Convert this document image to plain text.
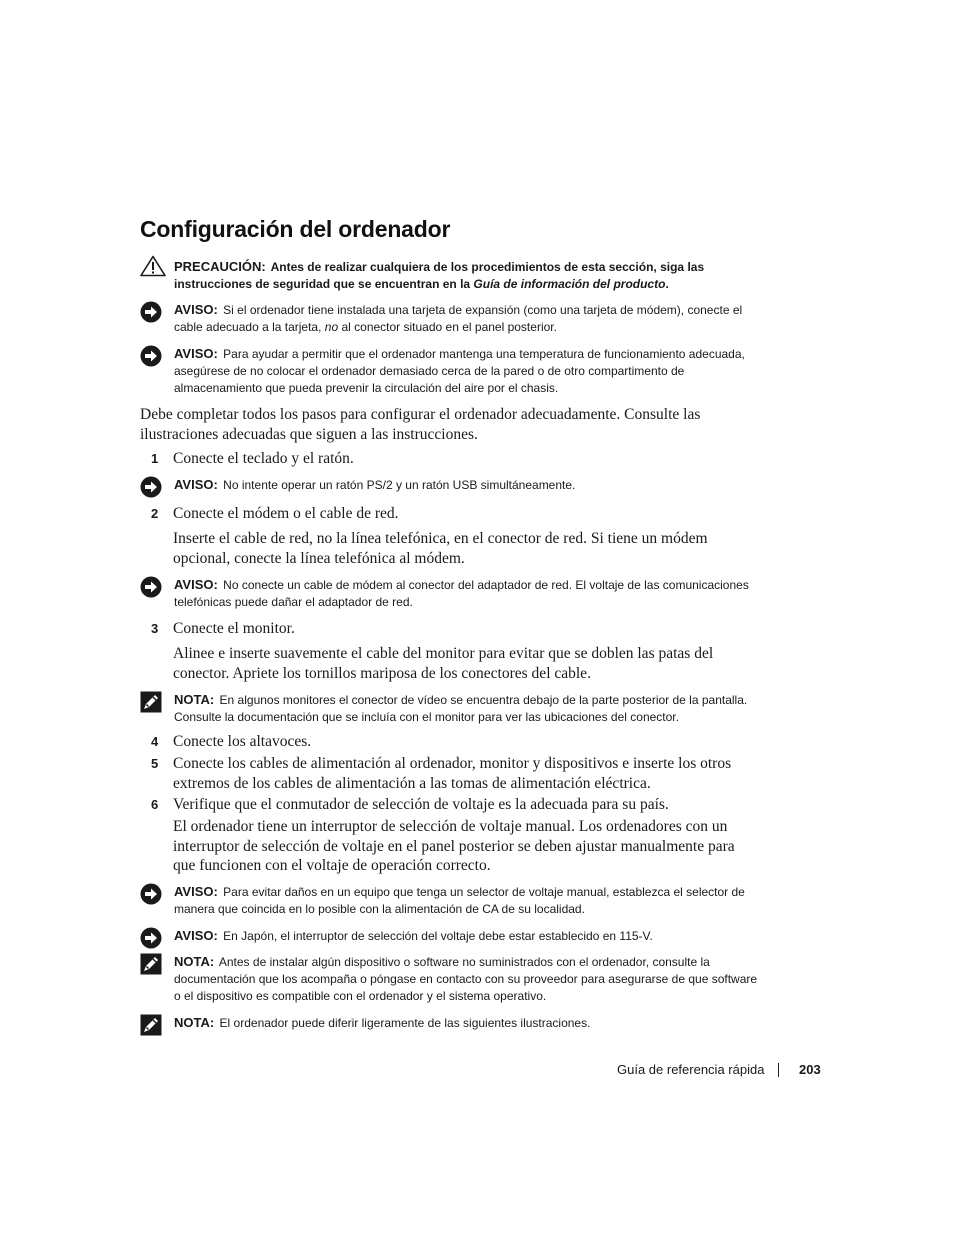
Configuración del ordenador
PRECAUCIÓN: Antes de realizar cualquiera de los procedimientos de esta sección, siga las instrucciones de seguridad que se encuentran en la Guía de información del producto.
AVISO: Si el ordenador tiene instalada una tarjeta de expansión (como una tarjeta de módem), conecte el cable adecuado a la tarjeta, no al conector situado en el panel posterior.
AVISO: Para ayudar a permitir que el ordenador mantenga una temperatura de funcionamiento adecuada, asegúrese de no colocar el ordenador demasiado cerca de la pared o de otro compartimento de almacenamiento que pueda prevenir la circulación del aire por el chasis.

Debe completar todos los pasos para configurar el ordenador adecuadamente. Consulte las ilustraciones adecuadas que siguen a las instrucciones.

1 Conecte el teclado y el ratón.
AVISO: No intente operar un ratón PS/2 y un ratón USB simultáneamente.
2 Conecte el módem o el cable de red.

Inserte el cable de red, no la línea telefónica, en el conector de red. Si tiene un módem opcional, conecte la línea telefónica al módem.

AVISO: No conecte un cable de módem al conector del adaptador de red. El voltaje de las comunicaciones telefónicas puede dañar el adaptador de red.
3 Conecte el monitor.

Alinee e inserte suavemente el cable del monitor para evitar que se doblen las patas del conector. Apriete los tornillos mariposa de los conectores del cable.

NOTA: En algunos monitores el conector de vídeo se encuentra debajo de la parte posterior de la pantalla. Consulte la documentación que se incluía con el monitor para ver las ubicaciones del conector.
4 Conecte los altavoces.
5 Conecte los cables de alimentación al ordenador, monitor y dispositivos e inserte los otros extremos de los cables de alimentación a las tomas de alimentación eléctrica.
6 Verifique que el conmutador de selección de voltaje es la adecuada para su país.

El ordenador tiene un interruptor de selección de voltaje manual. Los ordenadores con un interruptor de selección de voltaje en el panel posterior se deben ajustar manualmente para que funcionen con el voltaje de operación correcto.

AVISO: Para evitar daños en un equipo que tenga un selector de voltaje manual, establezca el selector de manera que coincida en lo posible con la alimentación de CA de su localidad.
AVISO: En Japón, el interruptor de selección del voltaje debe estar establecido en 115-V.
NOTA: Antes de instalar algún dispositivo o software no suministrados con el ordenador, consulte la documentación que los acompaña o póngase en contacto con su proveedor para asegurarse de que software o el dispositivo es compatible con el ordenador y el sistema operativo.
NOTA: El ordenador puede diferir ligeramente de las siguientes ilustraciones.
Guía de referencia rápida	203
